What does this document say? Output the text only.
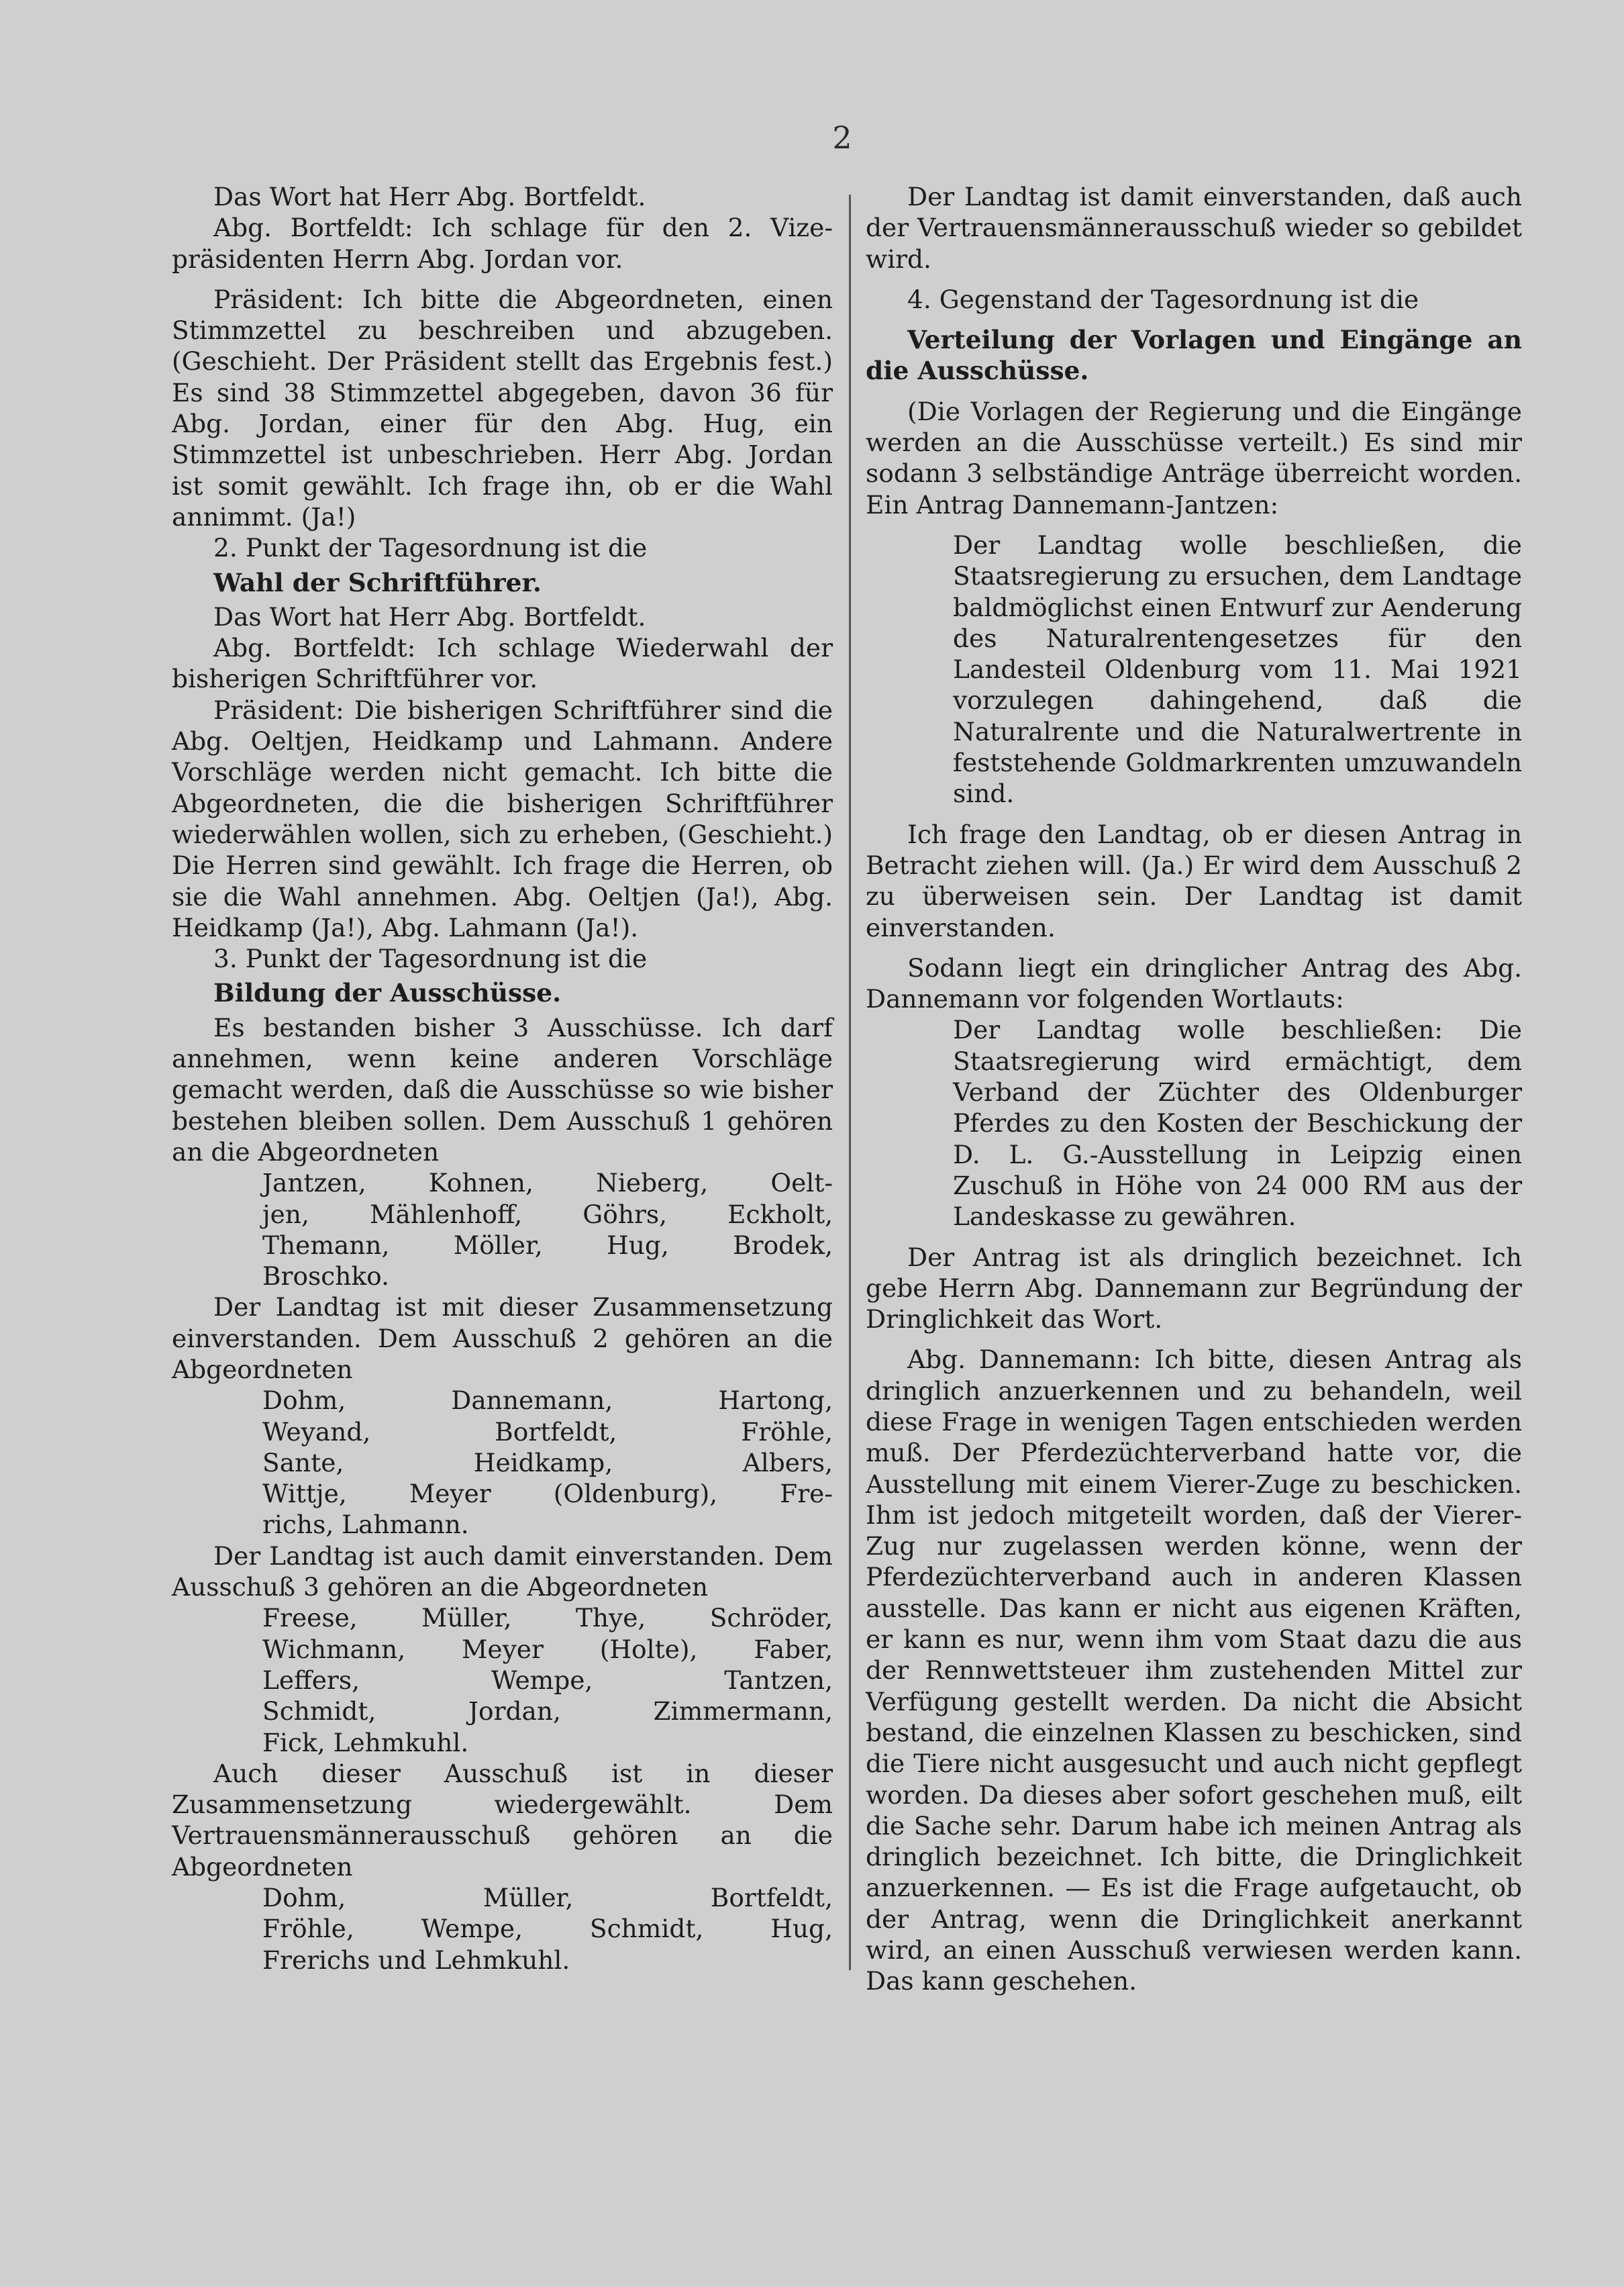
2

Das Wort hat Herr Abg. Bortfeldt.

Abg. Bortfeldt: Ich schlage für den 2. Vize-präsidenten Herrn Abg. Jordan vor.

Präsident: Ich bitte die Abgeordneten, einen Stimmzettel zu beschreiben und abzugeben. (Geschieht. Der Präsident stellt das Ergebnis fest.) Es sind 38 Stimmzettel abgegeben, davon 36 für Abg. Jordan, einer für den Abg. Hug, ein Stimmzettel ist unbeschrieben. Herr Abg. Jordan ist somit gewählt. Ich frage ihn, ob er die Wahl annimmt. (Ja!)

2. Punkt der Tagesordnung ist die

Wahl der Schriftführer.

Das Wort hat Herr Abg. Bortfeldt.

Abg. Bortfeldt: Ich schlage Wiederwahl der bisherigen Schriftführer vor.

Präsident: Die bisherigen Schriftführer sind die Abg. Oeltjen, Heidkamp und Lahmann. Andere Vorschläge werden nicht gemacht. Ich bitte die Abgeordneten, die die bisherigen Schriftführer wiederwählen wollen, sich zu erheben, (Geschieht.) Die Herren sind gewählt. Ich frage die Herren, ob sie die Wahl annehmen. Abg. Oeltjen (Ja!), Abg. Heidkamp (Ja!), Abg. Lahmann (Ja!).

3. Punkt der Tagesordnung ist die

Bildung der Ausschüsse.

Es bestanden bisher 3 Ausschüsse. Ich darf annehmen, wenn keine anderen Vorschläge gemacht werden, daß die Ausschüsse so wie bisher bestehen bleiben sollen. Dem Ausschuß 1 gehören an die Abgeordneten

Jantzen, Kohnen, Nieberg, Oelt-

jen, Mählenhoff, Göhrs, Eckholt,

Themann, Möller, Hug, Brodek,

Broschko.

Der Landtag ist mit dieser Zusammensetzung einverstanden. Dem Ausschuß 2 gehören an die Abgeordneten

Dohm, Dannemann, Hartong,

Weyand, Bortfeldt, Fröhle,

Sante, Heidkamp, Albers,

Wittje, Meyer (Oldenburg), Fre-

richs, Lahmann.

Der Landtag ist auch damit einverstanden. Dem Ausschuß 3 gehören an die Abgeordneten

Freese, Müller, Thye, Schröder,

Wichmann, Meyer (Holte), Faber,

Leffers, Wempe, Tantzen,

Schmidt, Jordan, Zimmermann,

Fick, Lehmkuhl.

Auch dieser Ausschuß ist in dieser Zusammensetzung wiedergewählt. Dem Vertrauensmännerausschuß gehören an die Abgeordneten

Dohm, Müller, Bortfeldt,

Fröhle, Wempe, Schmidt, Hug,

Frerichs und Lehmkuhl.

Der Landtag ist damit einverstanden, daß auch der Vertrauensmännerausschuß wieder so gebildet wird.

4. Gegenstand der Tagesordnung ist die

Verteilung der Vorlagen und Eingänge an die Ausschüsse.

(Die Vorlagen der Regierung und die Eingänge werden an die Ausschüsse verteilt.) Es sind mir sodann 3 selbständige Anträge überreicht worden. Ein Antrag Dannemann-Jantzen:

Der Landtag wolle beschließen, die Staatsregierung zu ersuchen, dem Landtage baldmöglichst einen Entwurf zur Aenderung des Naturalrentengesetzes für den Landesteil Oldenburg vom 11. Mai 1921 vorzulegen dahingehend, daß die Naturalrente und die Naturalwertrente in feststehende Goldmarkrenten umzuwandeln sind.

Ich frage den Landtag, ob er diesen Antrag in Betracht ziehen will. (Ja.) Er wird dem Ausschuß 2 zu überweisen sein. Der Landtag ist damit einverstanden.

Sodann liegt ein dringlicher Antrag des Abg. Dannemann vor folgenden Wortlauts:

Der Landtag wolle beschließen: Die Staatsregierung wird ermächtigt, dem Verband der Züchter des Oldenburger Pferdes zu den Kosten der Beschickung der D. L. G.-Ausstellung in Leipzig einen Zuschuß in Höhe von 24 000 RM aus der Landeskasse zu gewähren.

Der Antrag ist als dringlich bezeichnet. Ich gebe Herrn Abg. Dannemann zur Begründung der Dringlichkeit das Wort.

Abg. Dannemann: Ich bitte, diesen Antrag als dringlich anzuerkennen und zu behandeln, weil diese Frage in wenigen Tagen entschieden werden muß. Der Pferdezüchterverband hatte vor, die Ausstellung mit einem Vierer-Zuge zu beschicken. Ihm ist jedoch mitgeteilt worden, daß der Vierer-Zug nur zugelassen werden könne, wenn der Pferdezüchterverband auch in anderen Klassen ausstelle. Das kann er nicht aus eigenen Kräften, er kann es nur, wenn ihm vom Staat dazu die aus der Rennwettsteuer ihm zustehenden Mittel zur Verfügung gestellt werden. Da nicht die Absicht bestand, die einzelnen Klassen zu beschicken, sind die Tiere nicht ausgesucht und auch nicht gepflegt worden. Da dieses aber sofort geschehen muß, eilt die Sache sehr. Darum habe ich meinen Antrag als dringlich bezeichnet. Ich bitte, die Dringlichkeit anzuerkennen. — Es ist die Frage aufgetaucht, ob der Antrag, wenn die Dringlichkeit anerkannt wird, an einen Ausschuß verwiesen werden kann. Das kann geschehen.
